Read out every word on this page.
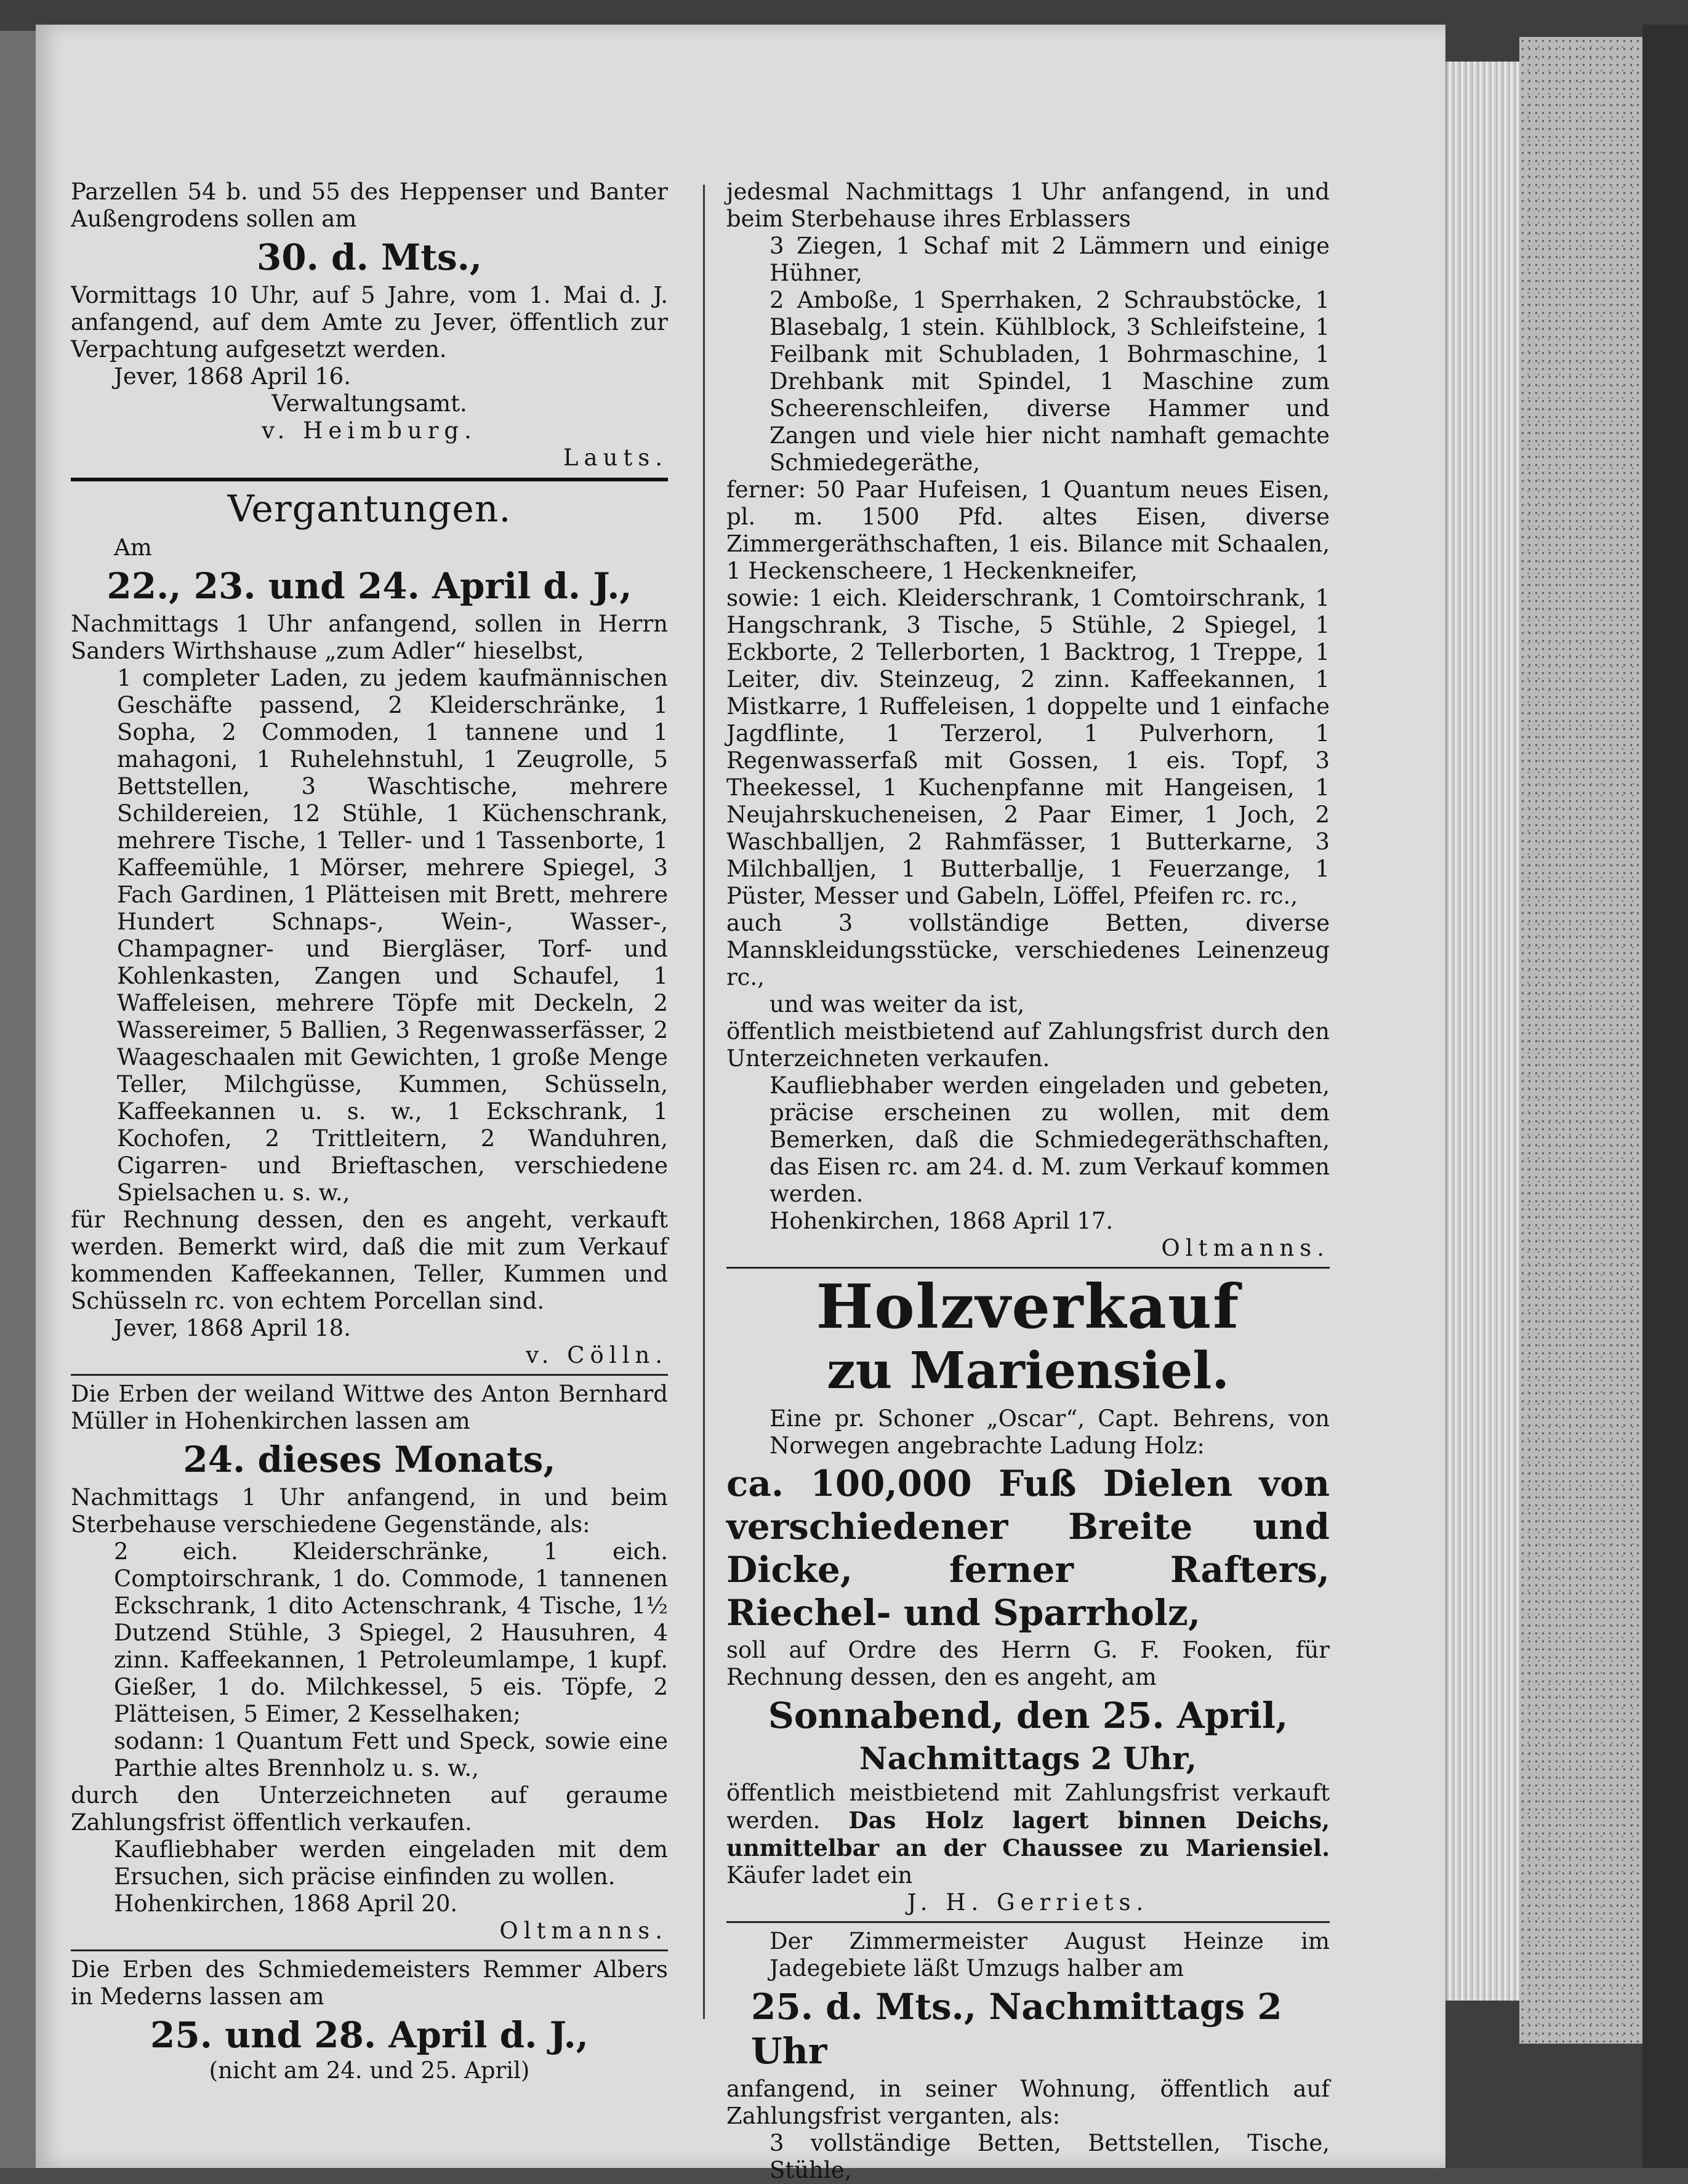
Parzellen 54 b. und 55 des Heppenser und Banter Außengrodens sollen am

30. d. Mts.,

Vormittags 10 Uhr, auf 5 Jahre, vom 1. Mai d. J. anfangend, auf dem Amte zu Jever, öffentlich zur Verpachtung aufgesetzt werden.

Jever, 1868 April 16.

Verwaltungsamt.

v. Heimburg.

Lauts.

Vergantungen.

Am

22., 23. und 24. April d. J.,

Nachmittags 1 Uhr anfangend, sollen in Herrn Sanders Wirthshause „zum Adler“ hieselbst,

1 completer Laden, zu jedem kaufmännischen Geschäfte passend, 2 Kleiderschränke, 1 Sopha, 2 Commoden, 1 tannene und 1 mahagoni, 1 Ruhelehnstuhl, 1 Zeugrolle, 5 Bettstellen, 3 Waschtische, mehrere Schildereien, 12 Stühle, 1 Küchenschrank, mehrere Tische, 1 Teller- und 1 Tassenborte, 1 Kaffeemühle, 1 Mörser, mehrere Spiegel, 3 Fach Gardinen, 1 Plätteisen mit Brett, mehrere Hundert Schnaps-, Wein-, Wasser-, Champagner- und Biergläser, Torf- und Kohlenkasten, Zangen und Schaufel, 1 Waffeleisen, mehrere Töpfe mit Deckeln, 2 Wassereimer, 5 Ballien, 3 Regenwasserfässer, 2 Waageschaalen mit Gewichten, 1 große Menge Teller, Milchgüsse, Kummen, Schüsseln, Kaffeekannen u. s. w., 1 Eckschrank, 1 Kochofen, 2 Trittleitern, 2 Wanduhren, Cigarren- und Brieftaschen, verschiedene Spielsachen u. s. w.,

für Rechnung dessen, den es angeht, verkauft werden. Bemerkt wird, daß die mit zum Verkauf kommenden Kaffeekannen, Teller, Kummen und Schüsseln rc. von echtem Porcellan sind.

Jever, 1868 April 18.

v. Cölln.

Die Erben der weiland Wittwe des Anton Bernhard Müller in Hohenkirchen lassen am

24. dieses Monats,

Nachmittags 1 Uhr anfangend, in und beim Sterbehause verschiedene Gegenstände, als:

2 eich. Kleiderschränke, 1 eich. Comptoirschrank, 1 do. Commode, 1 tannenen Eckschrank, 1 dito Actenschrank, 4 Tische, 1½ Dutzend Stühle, 3 Spiegel, 2 Hausuhren, 4 zinn. Kaffeekannen, 1 Petroleumlampe, 1 kupf. Gießer, 1 do. Milchkessel, 5 eis. Töpfe, 2 Plätteisen, 5 Eimer, 2 Kesselhaken;

sodann: 1 Quantum Fett und Speck, sowie eine Parthie altes Brennholz u. s. w.,

durch den Unterzeichneten auf geraume Zahlungsfrist öffentlich verkaufen.

Kaufliebhaber werden eingeladen mit dem Ersuchen, sich präcise einfinden zu wollen.

Hohenkirchen, 1868 April 20.

Oltmanns.

Die Erben des Schmiedemeisters Remmer Albers in Mederns lassen am

25. und 28. April d. J.,

(nicht am 24. und 25. April)

jedesmal Nachmittags 1 Uhr anfangend, in und beim Sterbehause ihres Erblassers

3 Ziegen, 1 Schaf mit 2 Lämmern und einige Hühner,

2 Amboße, 1 Sperrhaken, 2 Schraubstöcke, 1 Blasebalg, 1 stein. Kühlblock, 3 Schleifsteine, 1 Feilbank mit Schubladen, 1 Bohrmaschine, 1 Drehbank mit Spindel, 1 Maschine zum Scheerenschleifen, diverse Hammer und Zangen und viele hier nicht namhaft gemachte Schmiedegeräthe,

ferner: 50 Paar Hufeisen, 1 Quantum neues Eisen, pl. m. 1500 Pfd. altes Eisen, diverse Zimmergeräthschaften, 1 eis. Bilance mit Schaalen, 1 Heckenscheere, 1 Heckenkneifer,

sowie: 1 eich. Kleiderschrank, 1 Comtoirschrank, 1 Hangschrank, 3 Tische, 5 Stühle, 2 Spiegel, 1 Eckborte, 2 Tellerborten, 1 Backtrog, 1 Treppe, 1 Leiter, div. Steinzeug, 2 zinn. Kaffeekannen, 1 Mistkarre, 1 Ruffeleisen, 1 doppelte und 1 einfache Jagdflinte, 1 Terzerol, 1 Pulverhorn, 1 Regenwasserfaß mit Gossen, 1 eis. Topf, 3 Theekessel, 1 Kuchenpfanne mit Hangeisen, 1 Neujahrskucheneisen, 2 Paar Eimer, 1 Joch, 2 Waschballjen, 2 Rahmfässer, 1 Butterkarne, 3 Milchballjen, 1 Butterballje, 1 Feuerzange, 1 Püster, Messer und Gabeln, Löffel, Pfeifen rc. rc.,

auch 3 vollständige Betten, diverse Mannskleidungsstücke, verschiedenes Leinenzeug rc.,

und was weiter da ist,

öffentlich meistbietend auf Zahlungsfrist durch den Unterzeichneten verkaufen.

Kaufliebhaber werden eingeladen und gebeten, präcise erscheinen zu wollen, mit dem Bemerken, daß die Schmiedegeräthschaften, das Eisen rc. am 24. d. M. zum Verkauf kommen werden.

Hohenkirchen, 1868 April 17.

Oltmanns.

Holzverkauf
zu Mariensiel.

Eine pr. Schoner „Oscar“, Capt. Behrens, von Norwegen angebrachte Ladung Holz:

ca. 100,000 Fuß Dielen von verschiedener Breite und Dicke, ferner Rafters, Riechel- und Sparrholz,

soll auf Ordre des Herrn G. F. Fooken, für Rechnung dessen, den es angeht, am

Sonnabend, den 25. April,
Nachmittags 2 Uhr,

öffentlich meistbietend mit Zahlungsfrist verkauft werden. Das Holz lagert binnen Deichs, unmittelbar an der Chaussee zu Mariensiel. Käufer ladet ein

J. H. Gerriets.

Der Zimmermeister August Heinze im Jadegebiete läßt Umzugs halber am

25. d. Mts., Nachmittags 2 Uhr

anfangend, in seiner Wohnung, öffentlich auf Zahlungsfrist verganten, als:

3 vollständige Betten, Bettstellen, Tische, Stühle,
